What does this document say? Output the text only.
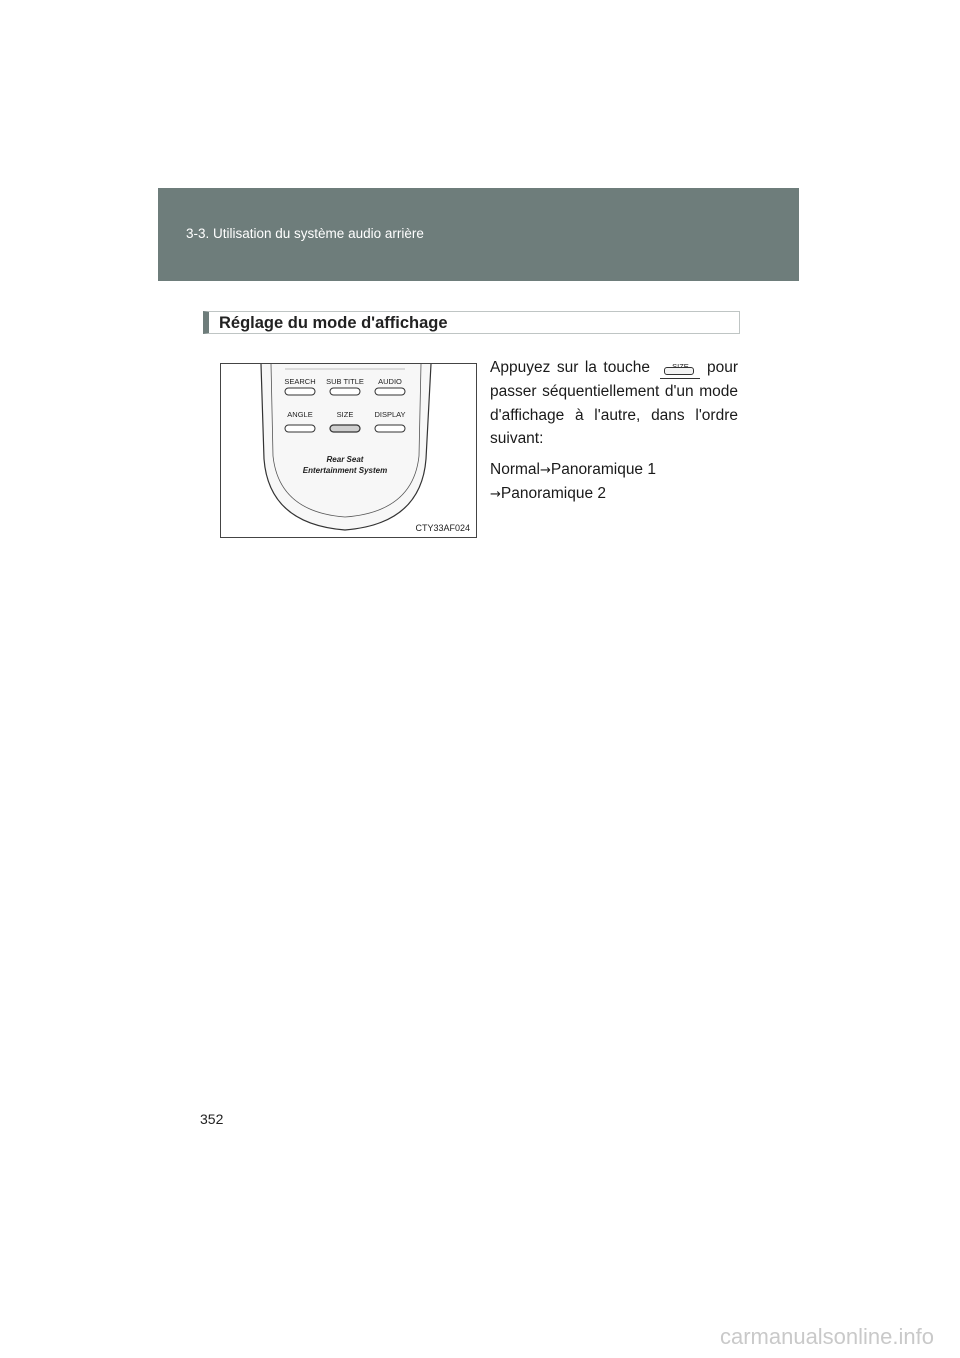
3-3. Utilisation du système audio arrière
Réglage du mode d'affichage
SEARCH SUB TITLE AUDIO
ANGLE	SIZE	DISPLAY
Rear Seat
Entertainment System
CTY33AF024

Appuyez sur la touche	pour passer séquentiellement d'un mode d'affichage à l'autre, dans l'ordre suivant:

Normal→Panoramique 1
→Panoramique 2

352
carmanualsonline.info
